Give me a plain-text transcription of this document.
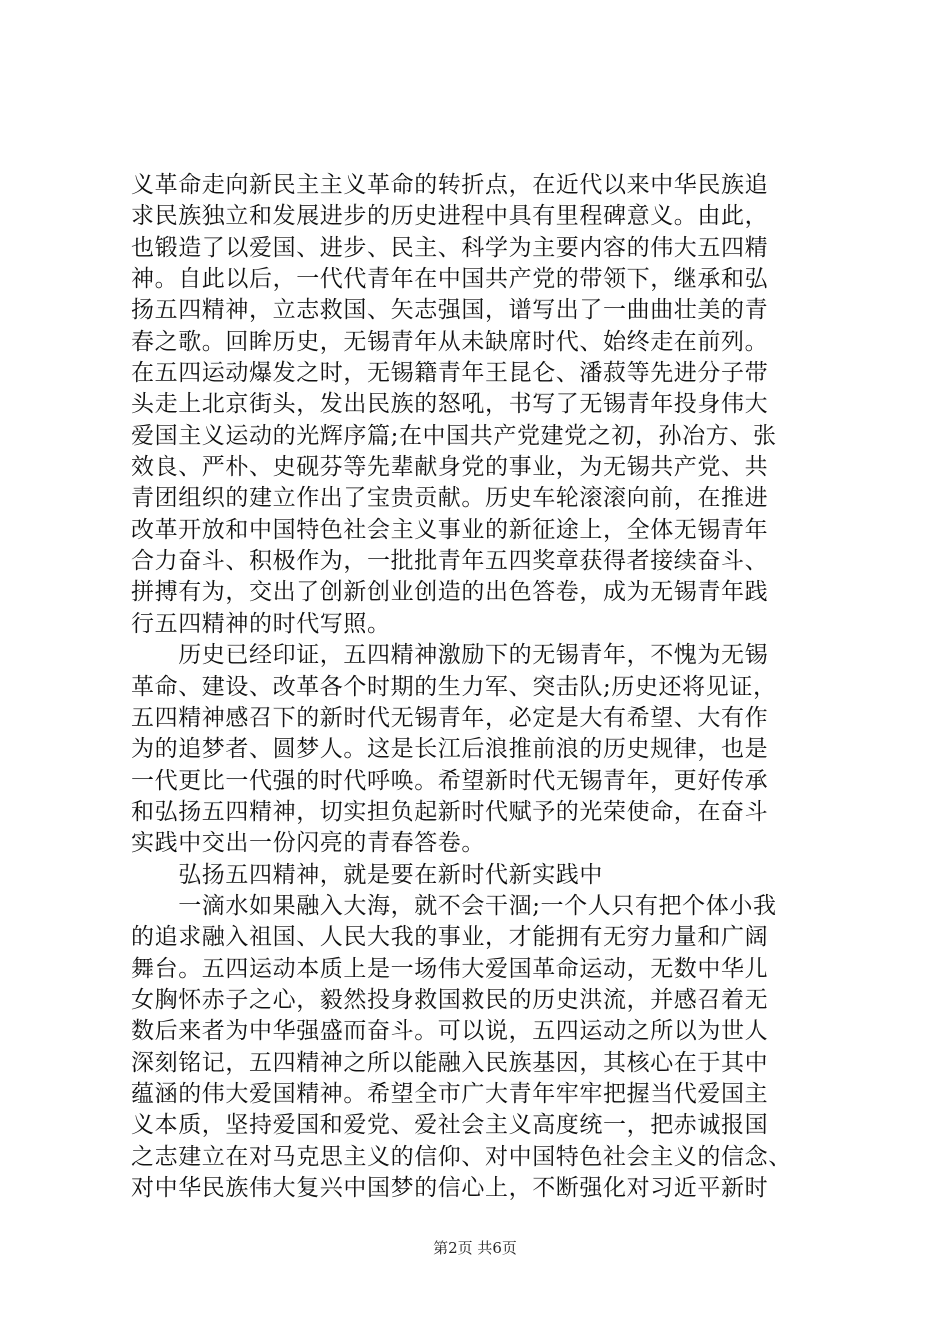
义革命走向新民主主义革命的转折点，在近代以来中华民族追
求民族独立和发展进步的历史进程中具有里程碑意义。由此，
也锻造了以爱国、进步、民主、科学为主要内容的伟大五四精
神。自此以后，一代代青年在中国共产党的带领下，继承和弘
扬五四精神，立志救国、矢志强国，谱写出了一曲曲壮美的青
春之歌。回眸历史，无锡青年从未缺席时代、始终走在前列。
在五四运动爆发之时，无锡籍青年王昆仑、潘菽等先进分子带
头走上北京街头，发出民族的怒吼，书写了无锡青年投身伟大
爱国主义运动的光辉序篇;在中国共产党建党之初，孙冶方、张
效良、严朴、史砚芬等先辈献身党的事业，为无锡共产党、共
青团组织的建立作出了宝贵贡献。历史车轮滚滚向前，在推进
改革开放和中国特色社会主义事业的新征途上，全体无锡青年
合力奋斗、积极作为，一批批青年五四奖章获得者接续奋斗、
拼搏有为，交出了创新创业创造的出色答卷，成为无锡青年践
行五四精神的时代写照。
　　历史已经印证，五四精神激励下的无锡青年，不愧为无锡
革命、建设、改革各个时期的生力军、突击队;历史还将见证，
五四精神感召下的新时代无锡青年，必定是大有希望、大有作
为的追梦者、圆梦人。这是长江后浪推前浪的历史规律，也是
一代更比一代强的时代呼唤。希望新时代无锡青年，更好传承
和弘扬五四精神，切实担负起新时代赋予的光荣使命，在奋斗
实践中交出一份闪亮的青春答卷。
　　弘扬五四精神，就是要在新时代新实践中
　　一滴水如果融入大海，就不会干涸;一个人只有把个体小我
的追求融入祖国、人民大我的事业，才能拥有无穷力量和广阔
舞台。五四运动本质上是一场伟大爱国革命运动，无数中华儿
女胸怀赤子之心，毅然投身救国救民的历史洪流，并感召着无
数后来者为中华强盛而奋斗。可以说，五四运动之所以为世人
深刻铭记，五四精神之所以能融入民族基因，其核心在于其中
蕴涵的伟大爱国精神。希望全市广大青年牢牢把握当代爱国主
义本质，坚持爱国和爱党、爱社会主义高度统一，把赤诚报国
之志建立在对马克思主义的信仰、对中国特色社会主义的信念、
对中华民族伟大复兴中国梦的信心上，不断强化对习近平新时
第2页 共6页
